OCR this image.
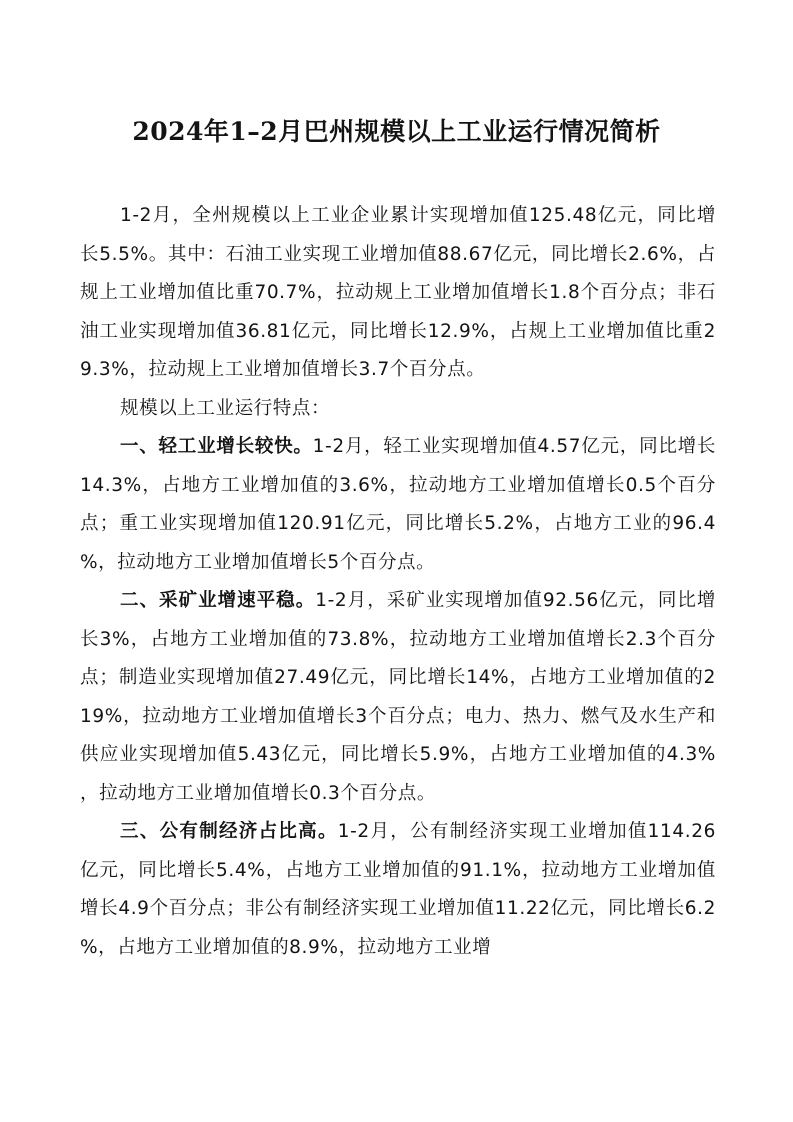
2024年1–2月巴州规模以上工业运行情况简析

1-2月，全州规模以上工业企业累计实现增加值125.48亿元，同比增长5.5%。其中：石油工业实现工业增加值88.67亿元，同比增长2.6%，占规上工业增加值比重70.7%，拉动规上工业增加值增长1.8个百分点；非石油工业实现增加值36.81亿元，同比增长12.9%，占规上工业增加值比重29.3%，拉动规上工业增加值增长3.7个百分点。

规模以上工业运行特点：

一、轻工业增长较快。1-2月，轻工业实现增加值4.57亿元，同比增长14.3%，占地方工业增加值的3.6%，拉动地方工业增加值增长0.5个百分点；重工业实现增加值120.91亿元，同比增长5.2%，占地方工业的96.4%，拉动地方工业增加值增长5个百分点。

二、采矿业增速平稳。1-2月，采矿业实现增加值92.56亿元，同比增长3%，占地方工业增加值的73.8%，拉动地方工业增加值增长2.3个百分点；制造业实现增加值27.49亿元，同比增长14%，占地方工业增加值的219%，拉动地方工业增加值增长3个百分点；电力、热力、燃气及水生产和供应业实现增加值5.43亿元，同比增长5.9%，占地方工业增加值的4.3%，拉动地方工业增加值增长0.3个百分点。

三、公有制经济占比高。1-2月，公有制经济实现工业增加值114.26亿元，同比增长5.4%，占地方工业增加值的91.1%，拉动地方工业增加值增长4.9个百分点；非公有制经济实现工业增加值11.22亿元，同比增长6.2%，占地方工业增加值的8.9%，拉动地方工业增
